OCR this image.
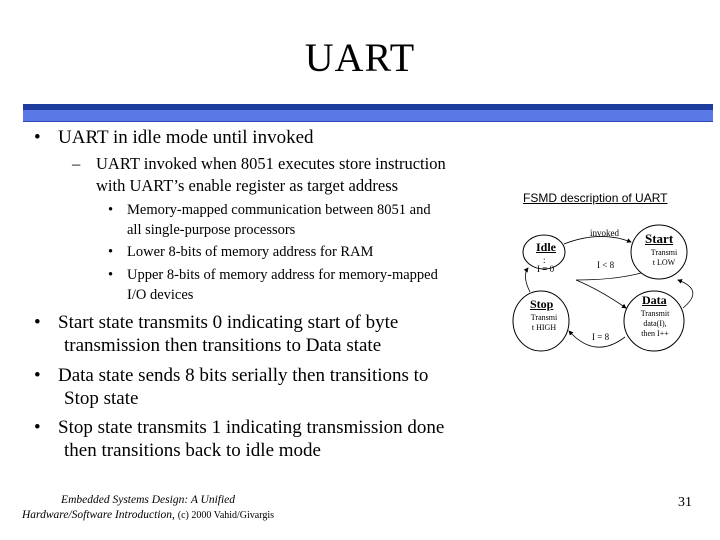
UART
• UART in idle mode until invoked
– UART invoked when 8051 executes store instruction
with UART’s enable register as target address
• Memory-mapped communication between 8051 and
all single-purpose processors
• Lower 8-bits of memory address for RAM
• Upper 8-bits of memory address for memory-mapped
I/O devices
• Start state transmits 0 indicating start of byte
transmission then transitions to Data state
• Data state sends 8 bits serially then transitions to
Stop state
• Stop state transmits 1 indicating transmission done
then transitions back to idle mode
FSMD description of UART
Idle
:
invoked
I = 0	I < 8
I = 8
Start
Transmi
t LOW
Data
Transmit
data(I),
then I++
Stop
Transmi
t HIGH
Embedded Systems Design: A Unified
Hardware/Software Introduction, (c) 2000 Vahid/Givargis
31
